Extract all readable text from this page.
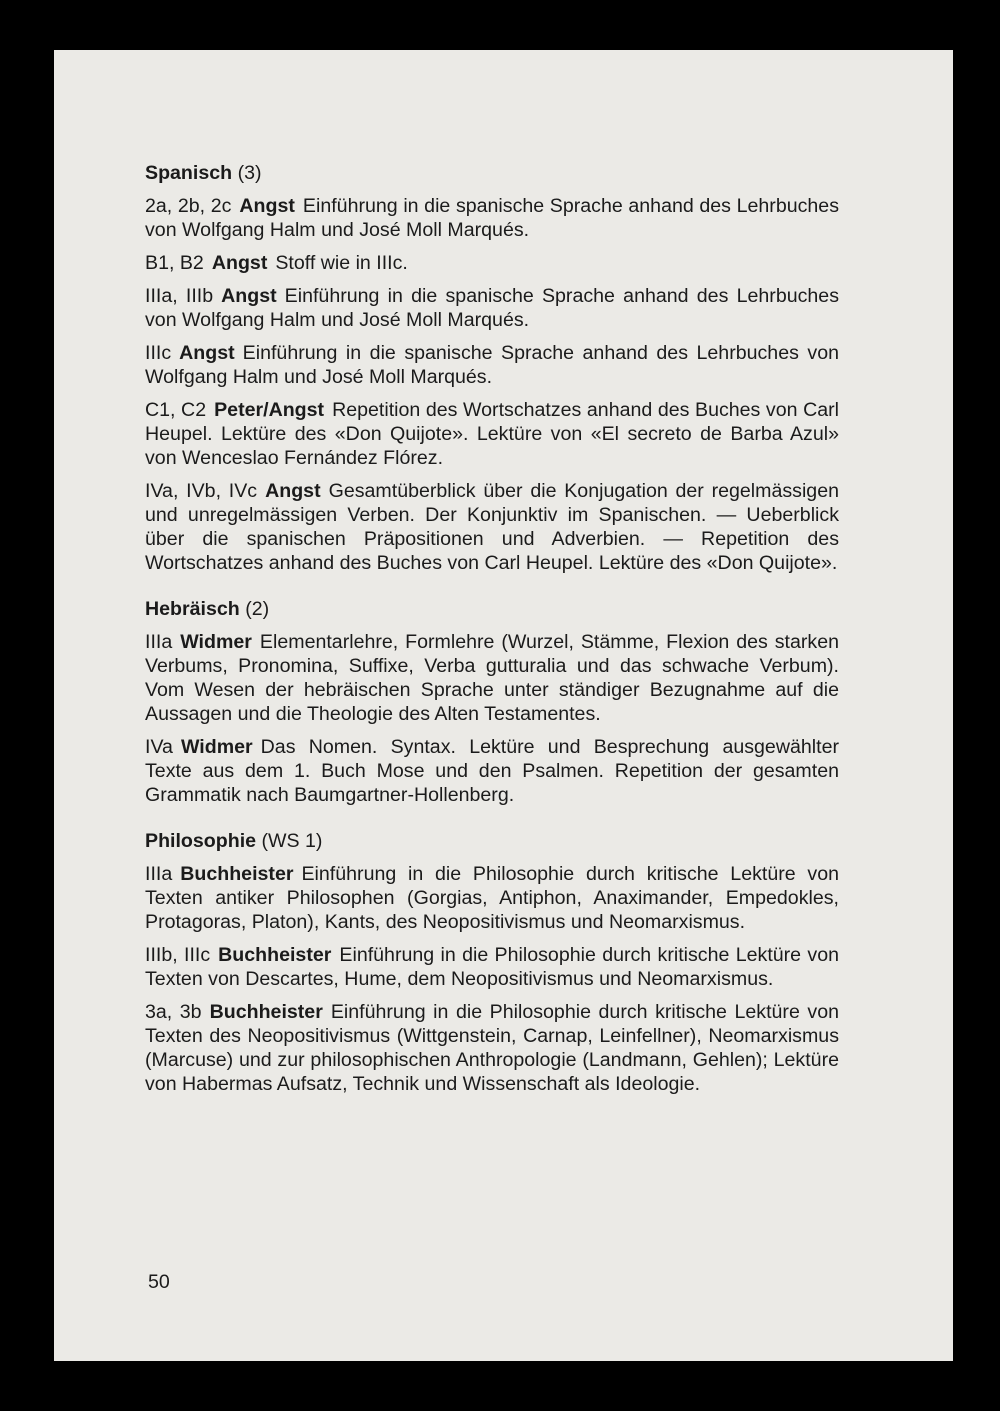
Spanisch (3)

2a, 2b, 2c Angst Einführung in die spanische Sprache anhand des Lehrbuches von Wolfgang Halm und José Moll Marqués.

B1, B2 Angst Stoff wie in IIIc.

IIIa, IIIb Angst Einführung in die spanische Sprache anhand des Lehrbuches von Wolfgang Halm und José Moll Marqués.

IIIc Angst Einführung in die spanische Sprache anhand des Lehrbuches von Wolfgang Halm und José Moll Marqués.

C1, C2 Peter/Angst Repetition des Wortschatzes anhand des Buches von Carl Heupel. Lektüre des «Don Quijote». Lektüre von «El secreto de Barba Azul» von Wenceslao Fernández Flórez.

IVa, IVb, IVc Angst Gesamtüberblick über die Konjugation der regelmässigen und unregelmässigen Verben. Der Konjunktiv im Spanischen. — Ueberblick über die spanischen Präpositionen und Adverbien. — Repetition des Wortschatzes anhand des Buches von Carl Heupel. Lektüre des «Don Quijote».

Hebräisch (2)

IIIa Widmer Elementarlehre, Formlehre (Wurzel, Stämme, Flexion des starken Verbums, Pronomina, Suffixe, Verba gutturalia und das schwache Verbum). Vom Wesen der hebräischen Sprache unter ständiger Bezugnahme auf die Aussagen und die Theologie des Alten Testamentes.

IVa Widmer Das Nomen. Syntax. Lektüre und Besprechung ausgewählter Texte aus dem 1. Buch Mose und den Psalmen. Repetition der gesamten Grammatik nach Baumgartner-Hollenberg.

Philosophie (WS 1)

IIIa Buchheister Einführung in die Philosophie durch kritische Lektüre von Texten antiker Philosophen (Gorgias, Antiphon, Anaximander, Empedokles, Protagoras, Platon), Kants, des Neopositivismus und Neomarxismus.

IIIb, IIIc Buchheister Einführung in die Philosophie durch kritische Lektüre von Texten von Descartes, Hume, dem Neopositivismus und Neomarxismus.

3a, 3b Buchheister Einführung in die Philosophie durch kritische Lektüre von Texten des Neopositivismus (Wittgenstein, Carnap, Leinfellner), Neomarxismus (Marcuse) und zur philosophischen Anthropologie (Landmann, Gehlen); Lektüre von Habermas Aufsatz, Technik und Wissenschaft als Ideologie.

50
